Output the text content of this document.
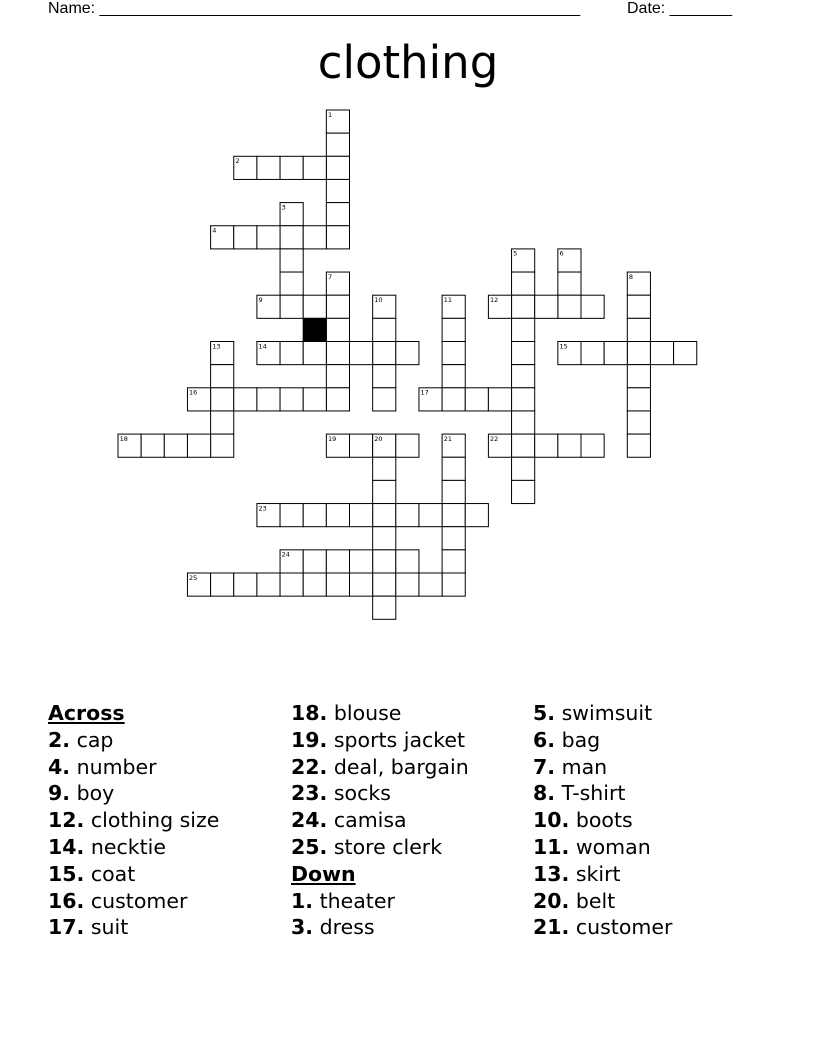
Name: ______________________________________________________	Date: _______
clothing
1
2
3
4
5	6
7	8
9	10	11	12
13	14	15
16	17
18	19	20	21	22
23
24
25
Across
2. cap
4. number
9. boy
12. clothing size
14. necktie
15. coat
16. customer
17. suit
18. blouse
19. sports jacket
22. deal, bargain
23. socks
24. camisa
25. store clerk
Down
1. theater
3. dress
5. swimsuit
6. bag
7. man
8. T-shirt
10. boots
11. woman
13. skirt
20. belt
21. customer
